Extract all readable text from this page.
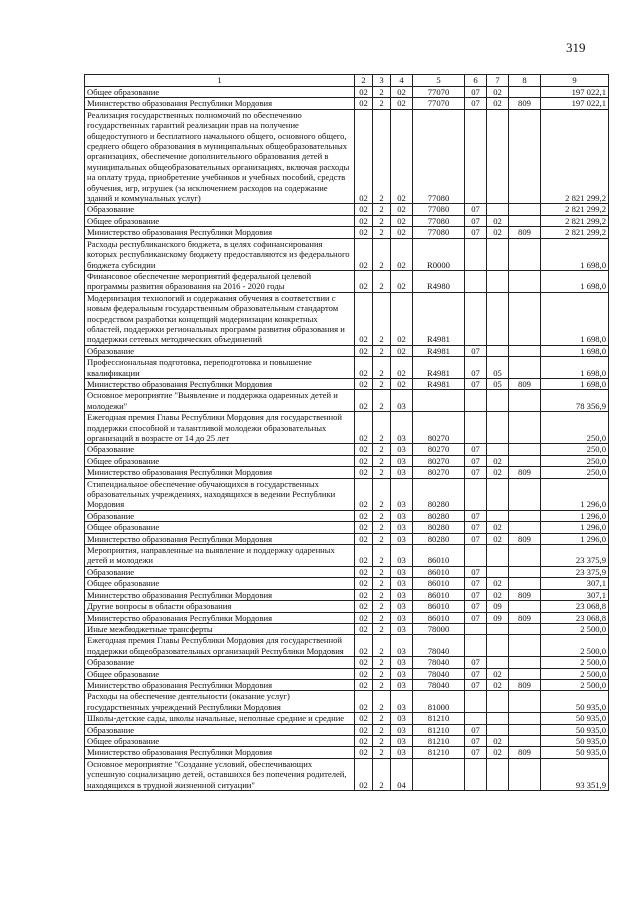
319
1	2	3	4	5	6	7	8	9
Общее образование	02	2	02	77070	07	02		197 022,1
Министерство образования Республики Мордовия	02	2	02	77070	07	02	809	197 022,1
Реализация государственных полномочий по обеспечению государственных гарантий реализации прав на получение общедоступного и бесплатного начального общего, основного общего, среднего общего образования в муниципальных общеобразовательных организациях, обеспечение дополнительного образования детей в муниципальных общеобразовательных организациях, включая расходы на оплату труда, приобретение учебников и учебных пособий, средств обучения, игр, игрушек (за исключением расходов на содержание зданий и коммунальных услуг)	02	2	02	77080				2 821 299,2
Образование	02	2	02	77080	07			2 821 299,2
Общее образование	02	2	02	77080	07	02		2 821 299,2
Министерство образования Республики Мордовия	02	2	02	77080	07	02	809	2 821 299,2
Расходы республиканского бюджета, в целях софинансирования которых республиканскому бюджету предоставляются из федерального бюджета субсидии	02	2	02	R0000				1 698,0
Финансовое обеспечение мероприятий федеральной целевой программы развития образования на 2016 - 2020 годы	02	2	02	R4980				1 698,0
Модернизация технологий и содержания обучения в соответствии с новым федеральным государственным образовательным стандартом посредством разработки концепций модернизации конкретных областей, поддержки региональных программ развития образования и поддержки сетевых методических объединений	02	2	02	R4981				1 698,0
Образование	02	2	02	R4981	07			1 698,0
Профессиональная подготовка, переподготовка и повышение квалификации	02	2	02	R4981	07	05		1 698,0
Министерство образования Республики Мордовия	02	2	02	R4981	07	05	809	1 698,0
Основное мероприятие "Выявление и поддержка одаренных детей и молодежи"	02	2	03					78 356,9
Ежегодная премия Главы Республики Мордовия для государственной поддержки способной и талантливой молодежи образовательных организаций в возрасте от 14 до 25 лет	02	2	03	80270				250,0
Образование	02	2	03	80270	07			250,0
Общее образование	02	2	03	80270	07	02		250,0
Министерство образования Республики Мордовия	02	2	03	80270	07	02	809	250,0
Стипендиальное обеспечение обучающихся в государственных образовательных учреждениях, находящихся в ведении Республики Мордовия	02	2	03	80280				1 296,0
Образование	02	2	03	80280	07			1 296,0
Общее образование	02	2	03	80280	07	02		1 296,0
Министерство образования Республики Мордовия	02	2	03	80280	07	02	809	1 296,0
Мероприятия, направленные на выявление и поддержку одаренных детей и молодежи	02	2	03	86010				23 375,9
Образование	02	2	03	86010	07			23 375,9
Общее образование	02	2	03	86010	07	02		307,1
Министерство образования Республики Мордовия	02	2	03	86010	07	02	809	307,1
Другие вопросы в области образования	02	2	03	86010	07	09		23 068,8
Министерство образования Республики Мордовия	02	2	03	86010	07	09	809	23 068,8
Иные межбюджетные трансферты	02	2	03	78000				2 500,0
Ежегодная премия Главы Республики Мордовия для государственной поддержки общеобразовательных организаций Республики Мордовия	02	2	03	78040				2 500,0
Образование	02	2	03	78040	07			2 500,0
Общее образование	02	2	03	78040	07	02		2 500,0
Министерство образования Республики Мордовия	02	2	03	78040	07	02	809	2 500,0
Расходы на обеспечение деятельности (оказание услуг) государственных учреждений Республики Мордовия	02	2	03	81000				50 935,0
Школы-детские сады, школы начальные, неполные средние и средние	02	2	03	81210				50 935,0
Образование	02	2	03	81210	07			50 935,0
Общее образование	02	2	03	81210	07	02		50 935,0
Министерство образования Республики Мордовия	02	2	03	81210	07	02	809	50 935,0
Основное мероприятие "Создание условий, обеспечивающих успешную социализацию детей, оставшихся без попечения родителей, находящихся в трудной жизненной ситуации"	02	2	04					93 351,9
